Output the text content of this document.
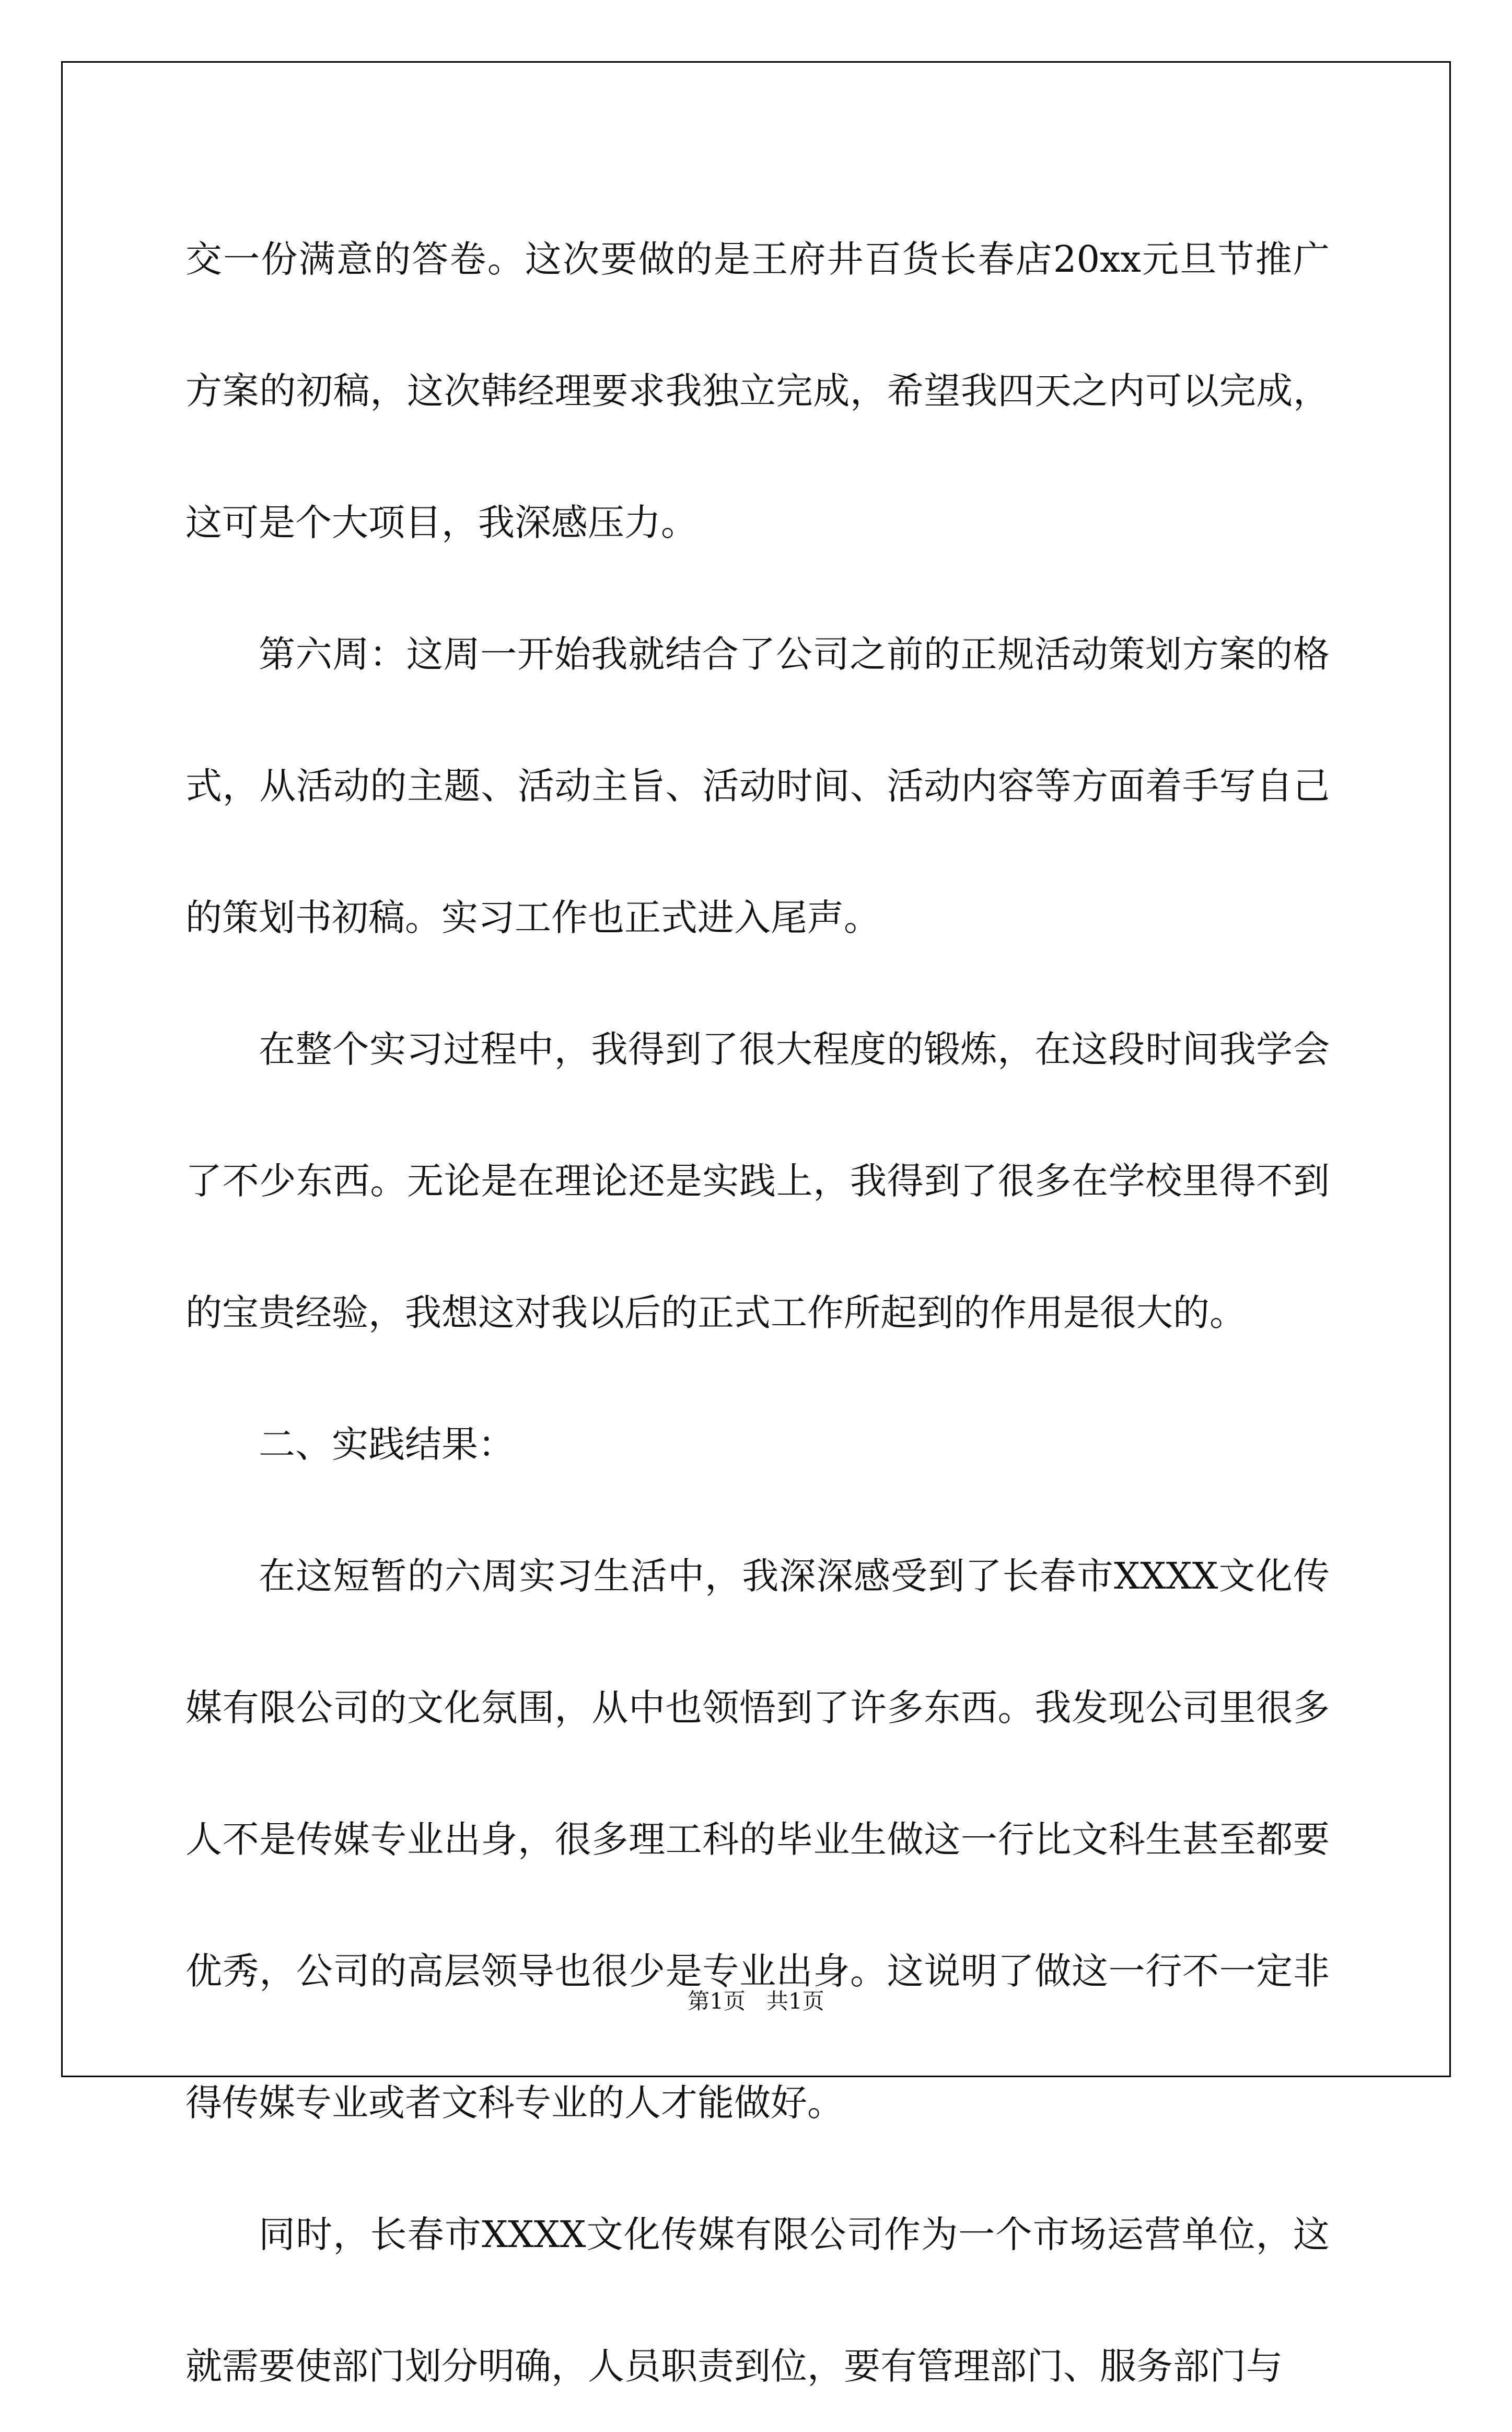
交一份满意的答卷。这次要做的是王府井百货长春店20xx元旦节推广方案的初稿，这次韩经理要求我独立完成，希望我四天之内可以完成，这可是个大项目，我深感压力。

第六周：这周一开始我就结合了公司之前的正规活动策划方案的格式，从活动的主题、活动主旨、活动时间、活动内容等方面着手写自己的策划书初稿。实习工作也正式进入尾声。

在整个实习过程中，我得到了很大程度的锻炼，在这段时间我学会了不少东西。无论是在理论还是实践上，我得到了很多在学校里得不到的宝贵经验，我想这对我以后的正式工作所起到的作用是很大的。

二、实践结果：

在这短暂的六周实习生活中，我深深感受到了长春市XXXX文化传媒有限公司的文化氛围，从中也领悟到了许多东西。我发现公司里很多人不是传媒专业出身，很多理工科的毕业生做这一行比文科生甚至都要优秀，公司的高层领导也很少是专业出身。这说明了做这一行不一定非得传媒专业或者文科专业的人才能做好。

同时，长春市XXXX文化传媒有限公司作为一个市场运营单位，这就需要使部门划分明确，人员职责到位，要有管理部门、服务部门与

第1页 共1页
